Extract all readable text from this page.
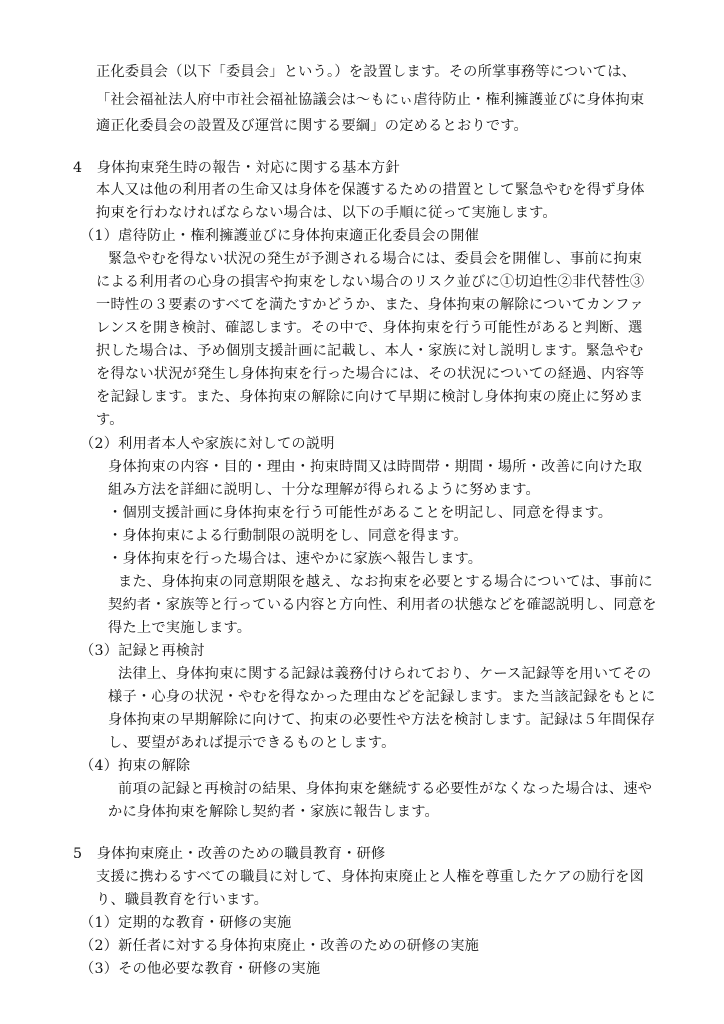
正化委員会（以下「委員会」という。）を設置します。その所掌事務等については、
「社会福祉法人府中市社会福祉協議会は〜もにぃ虐待防止・権利擁護並びに身体拘束
適正化委員会の設置及び運営に関する要綱」の定めるとおりです。
4　身体拘束発生時の報告・対応に関する基本方針
本人又は他の利用者の生命又は身体を保護するための措置として緊急やむを得ず身体
拘束を行わなければならない場合は、以下の手順に従って実施します。
（1）虐待防止・権利擁護並びに身体拘束適正化委員会の開催
緊急やむを得ない状況の発生が予測される場合には、委員会を開催し、事前に拘束
による利用者の心身の損害や拘束をしない場合のリスク並びに①切迫性②非代替性③
一時性の３要素のすべてを満たすかどうか、また、身体拘束の解除についてカンファ
レンスを開き検討、確認します。その中で、身体拘束を行う可能性があると判断、選
択した場合は、予め個別支援計画に記載し、本人・家族に対し説明します。緊急やむ
を得ない状況が発生し身体拘束を行った場合には、その状況についての経過、内容等
を記録します。また、身体拘束の解除に向けて早期に検討し身体拘束の廃止に努めま
す。
（2）利用者本人や家族に対しての説明
身体拘束の内容・目的・理由・拘束時間又は時間帯・期間・場所・改善に向けた取
組み方法を詳細に説明し、十分な理解が得られるように努めます。
・個別支援計画に身体拘束を行う可能性があることを明記し、同意を得ます。
・身体拘束による行動制限の説明をし、同意を得ます。
・身体拘束を行った場合は、速やかに家族へ報告します。
また、身体拘束の同意期限を越え、なお拘束を必要とする場合については、事前に
契約者・家族等と行っている内容と方向性、利用者の状態などを確認説明し、同意を
得た上で実施します。
（3）記録と再検討
法律上、身体拘束に関する記録は義務付けられており、ケース記録等を用いてその
様子・心身の状況・やむを得なかった理由などを記録します。また当該記録をもとに
身体拘束の早期解除に向けて、拘束の必要性や方法を検討します。記録は５年間保存
し、要望があれば提示できるものとします。
（4）拘束の解除
前項の記録と再検討の結果、身体拘束を継続する必要性がなくなった場合は、速や
かに身体拘束を解除し契約者・家族に報告します。
5　身体拘束廃止・改善のための職員教育・研修
支援に携わるすべての職員に対して、身体拘束廃止と人権を尊重したケアの励行を図
り、職員教育を行います。
（1）定期的な教育・研修の実施
（2）新任者に対する身体拘束廃止・改善のための研修の実施
（3）その他必要な教育・研修の実施
